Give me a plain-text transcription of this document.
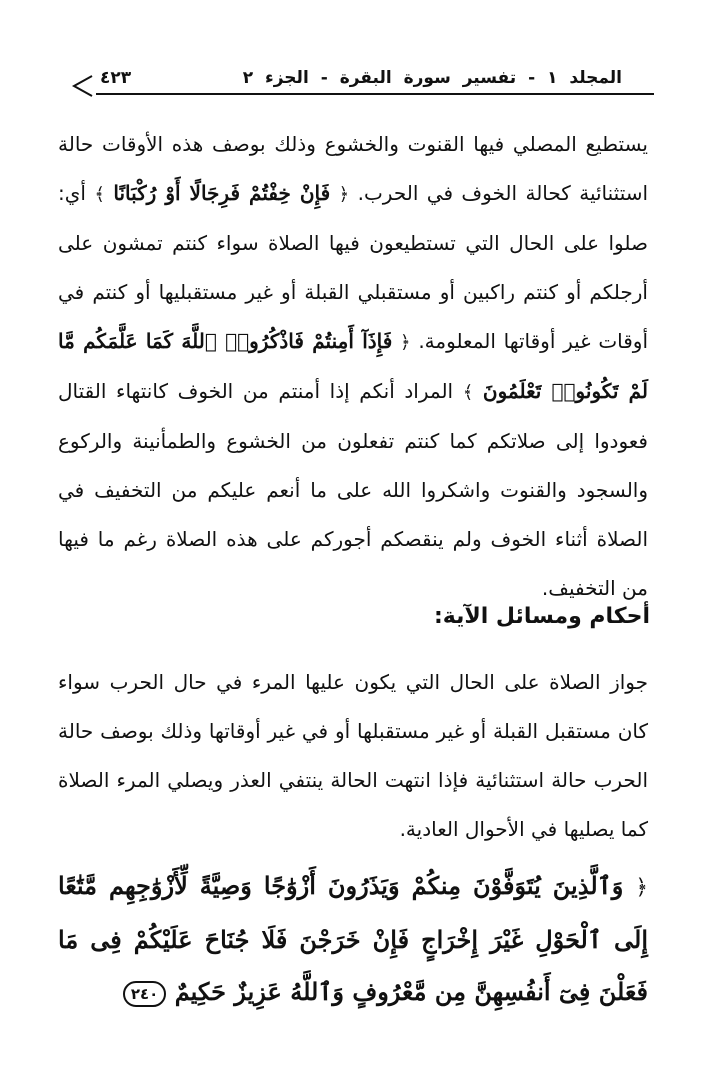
٤٢٣	المجلد ١ - تفسير سورة البقرة - الجزء ٢
يستطيع المصلي فيها القنوت والخشوع وذلك بوصف هذه الأوقات حالة استثنائية كحالة الخوف في الحرب. ﴿ فَإِنْ خِفْتُمْ فَرِجَالًا أَوْ رُكْبَانًا ﴾ أي: صلوا على الحال التي تستطيعون فيها الصلاة سواء كنتم تمشون على أرجلكم أو كنتم راكبين أو مستقبلي القبلة أو غير مستقبليها أو كنتم في أوقات غير أوقاتها المعلومة. ﴿ فَإِذَآ أَمِنتُمْ فَاذْكُرُوا۟ ٱللَّهَ كَمَا عَلَّمَكُم مَّا لَمْ تَكُونُوا۟ تَعْلَمُونَ ﴾ المراد أنكم إذا أمنتم من الخوف كانتهاء القتال فعودوا إلى صلاتكم كما كنتم تفعلون من الخشوع والطمأنينة والركوع والسجود والقنوت واشكروا الله على ما أنعم عليكم من التخفيف في الصلاة أثناء الخوف ولم ينقصكم أجوركم على هذه الصلاة رغم ما فيها من التخفيف.
أحكام ومسائل الآية:
جواز الصلاة على الحال التي يكون عليها المرء في حال الحرب سواء كان مستقبل القبلة أو غير مستقبلها أو في غير أوقاتها وذلك بوصف حالة الحرب حالة استثنائية فإذا انتهت الحالة ينتفي العذر ويصلي المرء الصلاة كما يصليها في الأحوال العادية.
﴿ وَٱلَّذِينَ يُتَوَفَّوْنَ مِنكُمْ وَيَذَرُونَ أَزْوَٰجًا وَصِيَّةً لِّأَزْوَٰجِهِم مَّتَٰعًا إِلَى ٱلْحَوْلِ غَيْرَ إِخْرَاجٍ فَإِنْ خَرَجْنَ فَلَا جُنَاحَ عَلَيْكُمْ فِى مَا فَعَلْنَ فِىٓ أَنفُسِهِنَّ مِن مَّعْرُوفٍ وَٱللَّهُ عَزِيزٌ حَكِيمٌ ٢٤٠
